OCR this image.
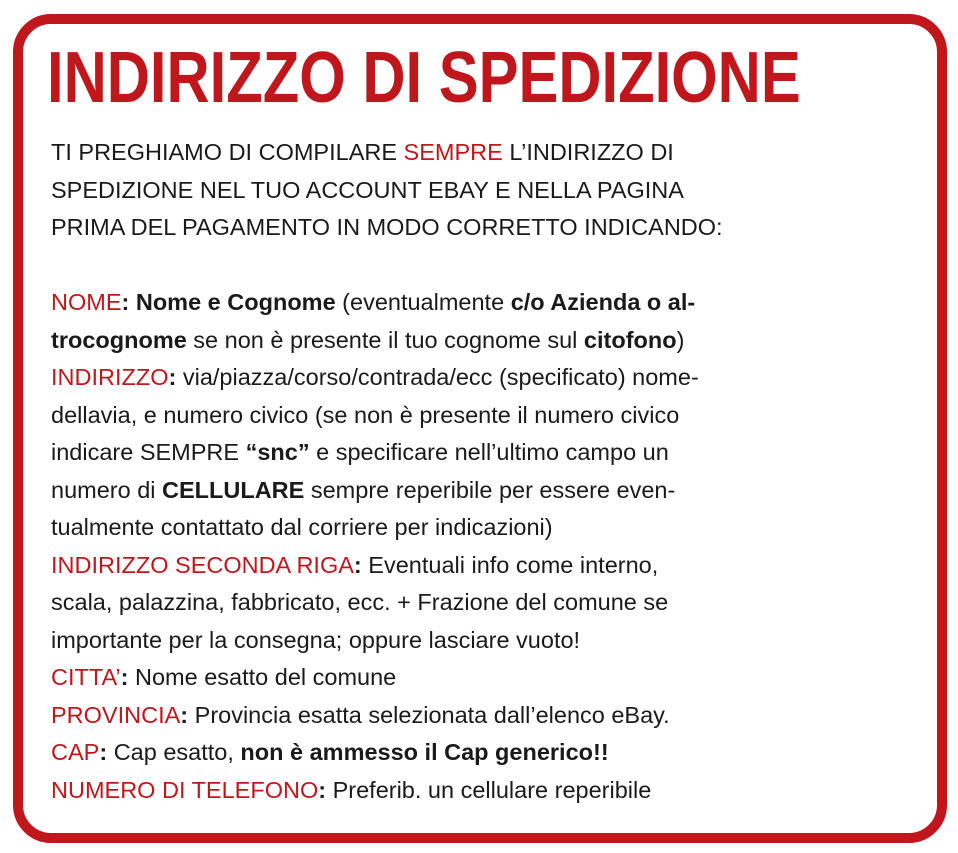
INDIRIZZO DI SPEDIZIONE
TI PREGHIAMO DI COMPILARE SEMPRE L’INDIRIZZO DI
SPEDIZIONE NEL TUO ACCOUNT EBAY E NELLA PAGINA
PRIMA DEL PAGAMENTO IN MODO CORRETTO INDICANDO:
NOME: Nome e Cognome (eventualmente c/o Azienda o al-
trocognome se non è presente il tuo cognome sul citofono)
INDIRIZZO: via/piazza/corso/contrada/ecc (specificato) nome-
dellavia, e numero civico (se non è presente il numero civico
indicare SEMPRE “snc” e specificare nell’ultimo campo un
numero di CELLULARE sempre reperibile per essere even-
tualmente contattato dal corriere per indicazioni)
INDIRIZZO SECONDA RIGA: Eventuali info come interno,
scala, palazzina, fabbricato, ecc. + Frazione del comune se
importante per la consegna; oppure lasciare vuoto!
CITTA’: Nome esatto del comune
PROVINCIA: Provincia esatta selezionata dall’elenco eBay.
CAP: Cap esatto, non è ammesso il Cap generico!!
NUMERO DI TELEFONO: Preferib. un cellulare reperibile
